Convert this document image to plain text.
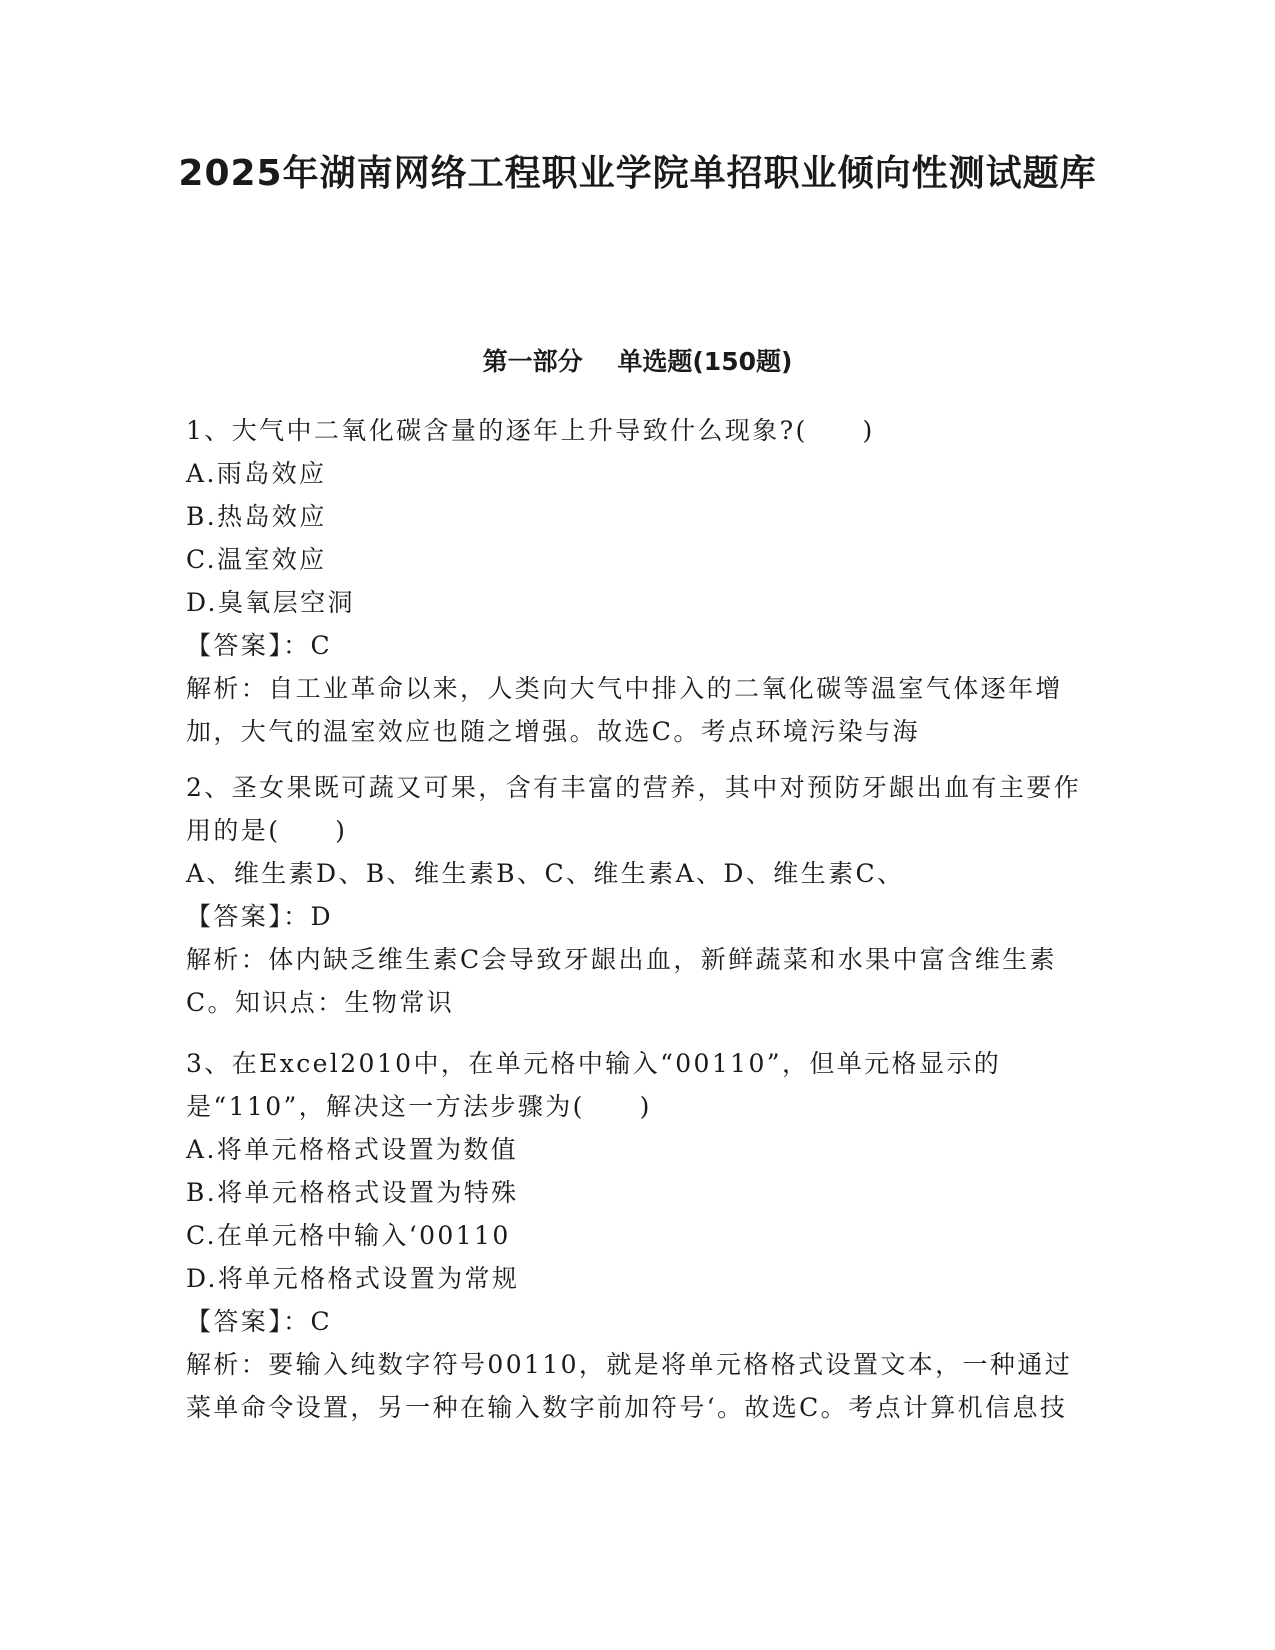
2025年湖南网络工程职业学院单招职业倾向性测试题库
第一部分    单选题(150题)
1、大气中二氧化碳含量的逐年上升导致什么现象?(　　)
A.雨岛效应
B.热岛效应
C.温室效应
D.臭氧层空洞
【答案】：C
解析：自工业革命以来，人类向大气中排入的二氧化碳等温室气体逐年增加，大气的温室效应也随之增强。故选C。考点环境污染与海
2、圣女果既可蔬又可果，含有丰富的营养，其中对预防牙龈出血有主要作用的是(　　)
A、维生素D、B、维生素B、C、维生素A、D、维生素C、
【答案】：D
解析：体内缺乏维生素C会导致牙龈出血，新鲜蔬菜和水果中富含维生素C。知识点：生物常识
3、在Excel2010中，在单元格中输入“00110”，但单元格显示的是“110”，解决这一方法步骤为(　　)
A.将单元格格式设置为数值
B.将单元格格式设置为特殊
C.在单元格中输入‘00110
D.将单元格格式设置为常规
【答案】：C
解析：要输入纯数字符号00110，就是将单元格格式设置文本，一种通过菜单命令设置，另一种在输入数字前加符号‘。故选C。考点计算机信息技
